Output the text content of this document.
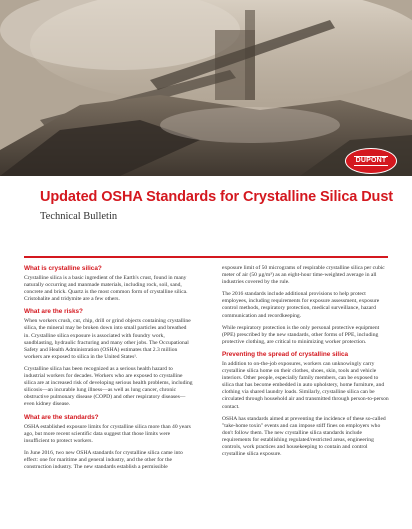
DUPONT
Updated OSHA Standards for Crystalline Silica Dust
Technical Bulletin
What is crystalline silica?

Crystalline silica is a basic ingredient of the Earth's crust, found in many naturally occurring and manmade materials, including rock, soil, sand, concrete and brick. Quartz is the most common form of crystalline silica. Cristobalite and tridymite are a few others.

What are the risks?

When workers crush, cut, chip, drill or grind objects containing crystalline silica, the mineral may be broken down into small particles and breathed in. Crystalline silica exposure is associated with foundry work, sandblasting, hydraulic fracturing and many other jobs. The Occupational Safety and Health Administration (OSHA) estimates that 2.3 million workers are exposed to silica in the United States¹.

Crystalline silica has been recognized as a serious health hazard to industrial workers for decades. Workers who are exposed to crystalline silica are at increased risk of developing serious health problems, including silicosis—an incurable lung illness—as well as lung cancer, chronic obstructive pulmonary disease (COPD) and other respiratory diseases—even kidney disease.

What are the standards?

OSHA established exposure limits for crystalline silica more than 40 years ago, but more recent scientific data suggest that those limits were insufficient to protect workers.

In June 2016, two new OSHA standards for crystalline silica came into effect: one for maritime and general industry, and the other for the construction industry. The new standards establish a permissible

exposure limit of 50 micrograms of respirable crystalline silica per cubic meter of air (50 µg/m³) as an eight-hour time-weighted average in all industries covered by the rule.

The 2016 standards include additional provisions to help protect employees, including requirements for exposure assessment, exposure control methods, respiratory protection, medical surveillance, hazard communication and recordkeeping.

While respiratory protection is the only personal protective equipment (PPE) prescribed by the new standards, other forms of PPE, including protective clothing, are critical to minimizing worker protection.

Preventing the spread of crystalline silica

In addition to on-the-job exposures, workers can unknowingly carry crystalline silica home on their clothes, shoes, skin, tools and vehicle interiors. Other people, especially family members, can be exposed to silica that has become embedded in auto upholstery, home furniture, and clothing via shared laundry loads. Similarly, crystalline silica can be circulated through household air and transmitted through person-to-person contact.

OSHA has standards aimed at preventing the incidence of these so-called "take-home toxin" events and can impose stiff fines on employers who don't follow them. The new crystalline silica standards include requirements for establishing regulated/restricted areas, engineering controls, work practices and housekeeping to contain and control crystalline silica exposure.
